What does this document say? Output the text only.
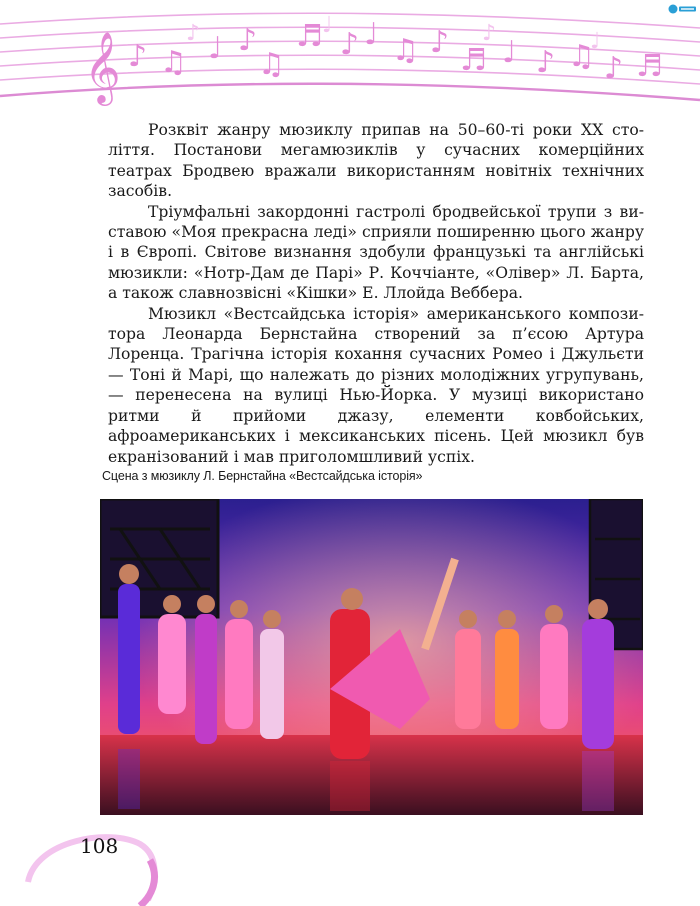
𝄞 ♪ ♫ ♩ ♪
♫
♬ ♪ ♩ ♫ ♪
♬ ♩ ♪ ♫ ♪ ♬
♪	♩	♪	♩

Розквіт жанру мюзиклу припав на 50–60-ті роки XX століття. Постанови мегамюзиклів у сучасних комерційних театрах Бродвею вражали використанням новітніх технічних засобів.

Тріумфальні закордонні гастролі бродвейської трупи з виставою «Моя прекрасна леді» сприяли поширенню цього жанру і в Європі. Світове визнання здобули французькі та англійські мюзикли: «Нотр-Дам де Парі» Р. Коччіанте, «Олівер» Л. Барта, а також славнозвісні «Кішки» Е. Ллойда Веббера.

Мюзикл «Вестсайдська історія» американського композитора Леонарда Бернстайна створений за п’єсою Артура Лоренца. Трагічна історія кохання сучасних Ромео і Джульєти — Тоні й Марі, що належать до різних молодіжних угрупувань,— перенесена на вулиці Нью-Йорка. У музиці використано ритми й прийоми джазу, елементи ковбойських, афроамериканських і мексиканських пісень. Цей мюзикл був екранізований і мав приголомшливий успіх.

Сцена з мюзиклу Л. Бернстайна «Вестсайдська історія»
108
